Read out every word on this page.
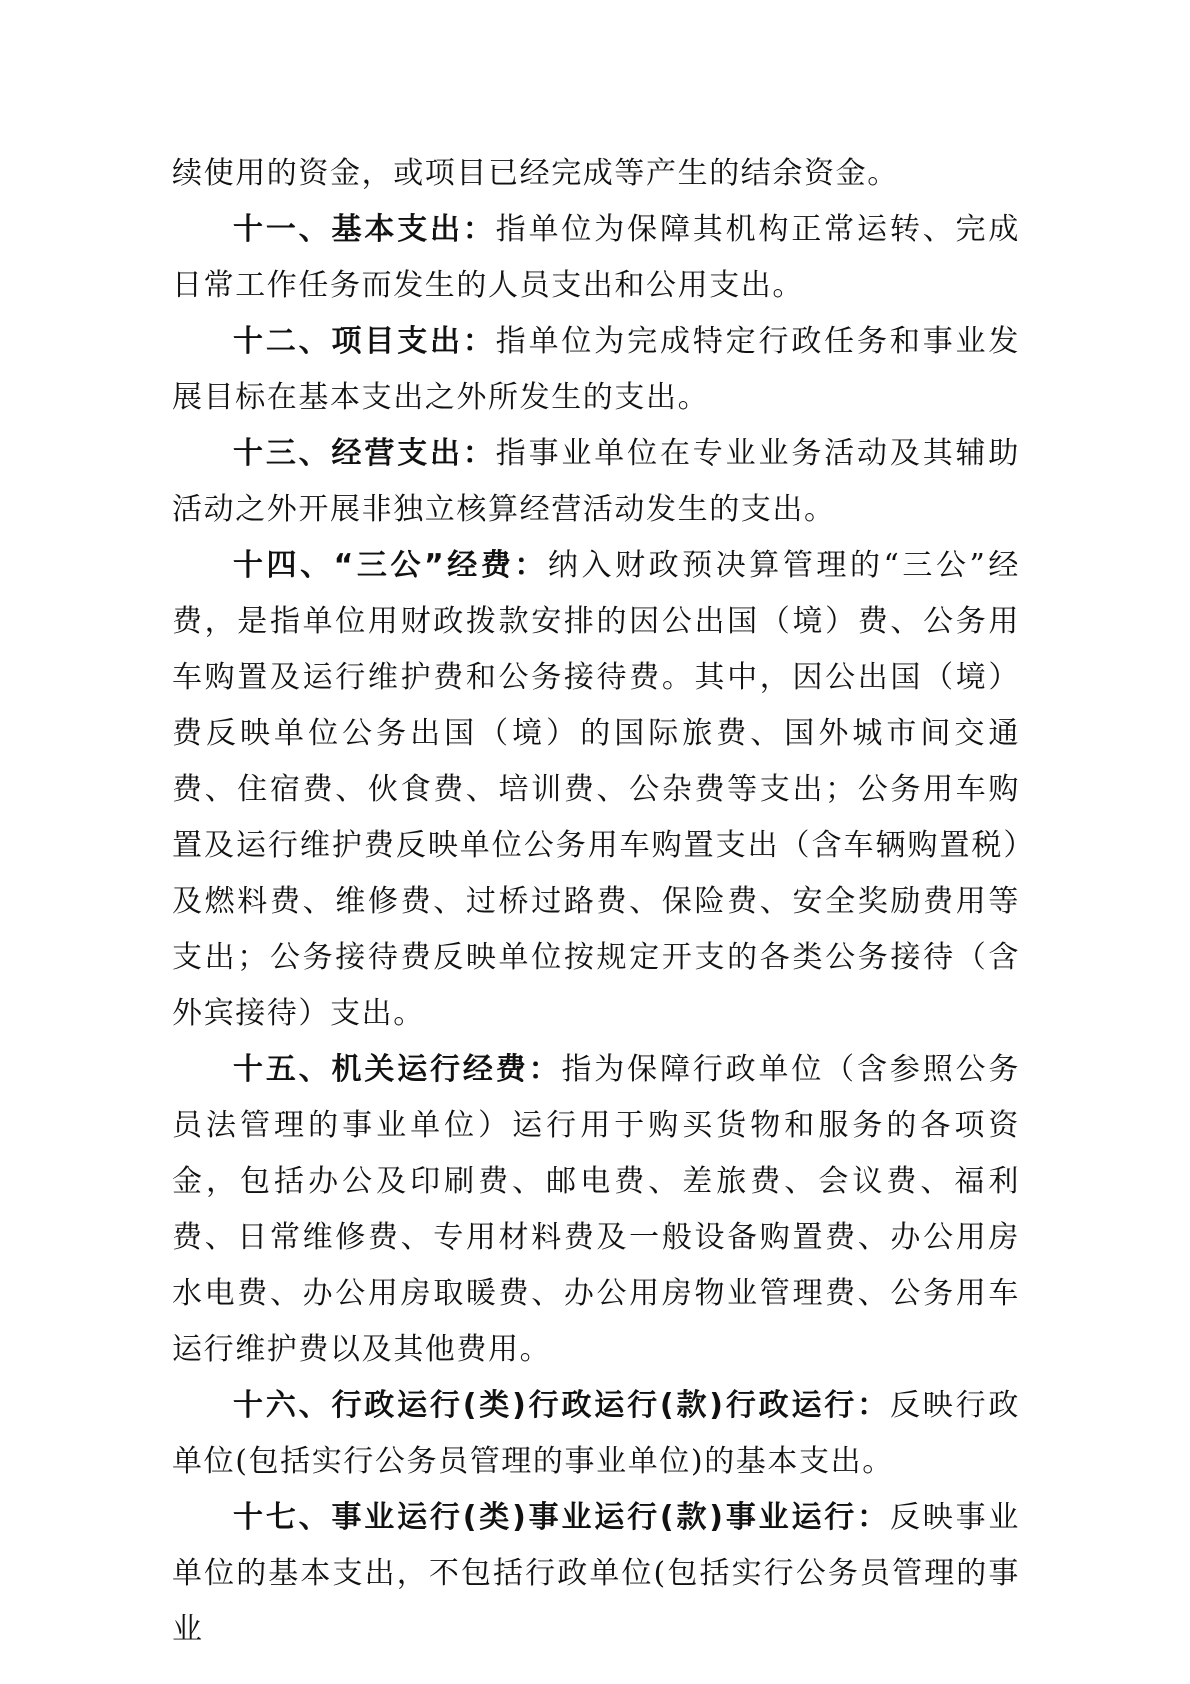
续使用的资金，或项目已经完成等产生的结余资金。

十一、基本支出：指单位为保障其机构正常运转、完成日常工作任务而发生的人员支出和公用支出。

十二、项目支出：指单位为完成特定行政任务和事业发展目标在基本支出之外所发生的支出。

十三、经营支出：指事业单位在专业业务活动及其辅助活动之外开展非独立核算经营活动发生的支出。

十四、“三公”经费：纳入财政预决算管理的“三公”经费，是指单位用财政拨款安排的因公出国（境）费、公务用车购置及运行维护费和公务接待费。其中，因公出国（境）费反映单位公务出国（境）的国际旅费、国外城市间交通费、住宿费、伙食费、培训费、公杂费等支出；公务用车购置及运行维护费反映单位公务用车购置支出（含车辆购置税）及燃料费、维修费、过桥过路费、保险费、安全奖励费用等支出；公务接待费反映单位按规定开支的各类公务接待（含外宾接待）支出。

十五、机关运行经费：指为保障行政单位（含参照公务员法管理的事业单位）运行用于购买货物和服务的各项资金，包括办公及印刷费、邮电费、差旅费、会议费、福利费、日常维修费、专用材料费及一般设备购置费、办公用房水电费、办公用房取暖费、办公用房物业管理费、公务用车运行维护费以及其他费用。

十六、行政运行(类)行政运行(款)行政运行：反映行政单位(包括实行公务员管理的事业单位)的基本支出。

十七、事业运行(类)事业运行(款)事业运行：反映事业单位的基本支出，不包括行政单位(包括实行公务员管理的事业
